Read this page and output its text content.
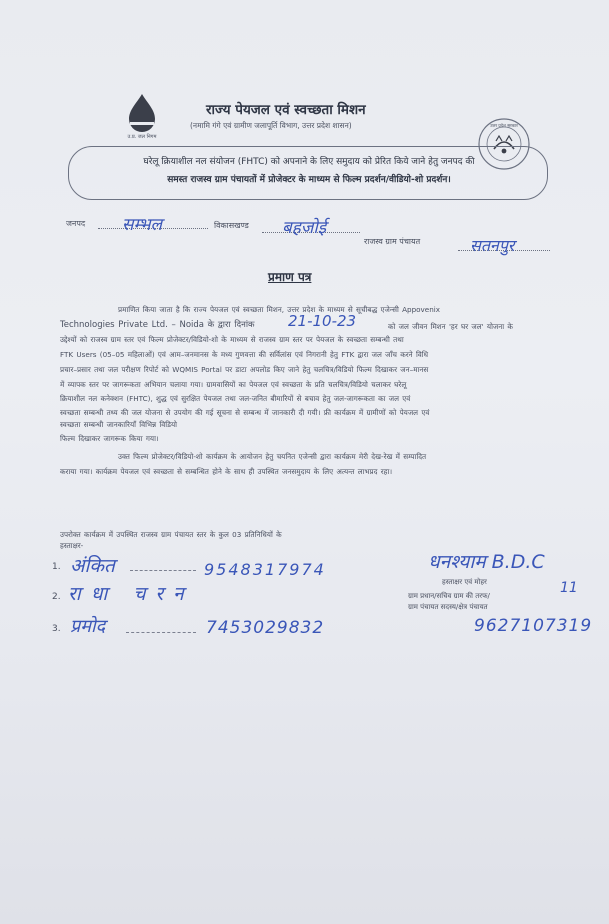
उ.प्र. जल निगम
उत्तर प्रदेश सरकार
राज्य पेयजल एवं स्वच्छता मिशन
(नमामि गंगे एवं ग्रामीण जलापूर्ति विभाग, उत्तर प्रदेश शासन)
घरेलू क्रियाशील नल संयोजन (FHTC) को अपनाने के लिए समुदाय को प्रेरित किये जाने हेतु जनपद की
समस्त राजस्व ग्राम पंचायतों में प्रोजेक्टर के माध्यम से फिल्म प्रदर्शन/वीडियो-शो प्रदर्शन।
जनपद सम्भल	विकासखण्ड बहजोई
राजस्व ग्राम पंचायत	सतनपुर
प्रमाण पत्र
प्रमाणित किया जाता है कि राज्य पेयजल एवं स्वच्छता मिशन, उत्तर प्रदेश के माध्यम से सूचीबद्ध एजेन्सी Appovenix
Technologies Private Ltd. – Noida के द्वारा दिनांक 21-10-23	को जल जीवन मिशन 'हर घर जल' योजना के
उद्देश्यों को राजस्व ग्राम स्तर एवं फिल्म प्रोजेक्टर/विडियो-शो के माध्यम से राजस्व ग्राम स्तर पर पेयजल के स्वच्छता सम्बन्धी तथा
FTK Users (05–05 महिलाओं) एवं आम–जनमानस के मध्य गुणवत्ता की सर्विलांस एवं निगरानी हेतु FTK द्वारा जल जाँच करने विधि
प्रचार–प्रसार तथा जल परीक्षण रिपोर्ट को WQMIS Portal पर डाटा अपलोड किए जाने हेतु चलचित्र/विडियो फिल्म दिखाकर जन–मानस
में व्यापक स्तर पर जागरूकता अभियान चलाया गया। ग्रामवासियों का पेयजल एवं स्वच्छता के प्रति चलचित्र/विडियो चलाकर घरेलू
क्रियाशील नल कनेक्शन (FHTC), शुद्ध एवं सुरक्षित पेयजल तथा जल-जनित बीमारियों से बचाव हेतु जल-जागरूकता का जल एवं
स्वच्छता सम्बन्धी तथ्य की जल योजना से उपयोग की गई सूचना से सम्बन्ध में जानकारी दी गयी। फ्री कार्यक्रम में ग्रामीणों को पेयजल एवं
स्वच्छता सम्बन्धी जानकारियाँ विभिन्न विडियो
फिल्म दिखाकर जागरूक किया गया।
उक्त फिल्म प्रोजेक्टर/विडियो-शो कार्यक्रम के आयोजन हेतु चयनित एजेन्सी द्वारा कार्यक्रम मेरी देख-रेख में सम्पादित
कराया गया। कार्यक्रम पेयजल एवं स्वच्छता से सम्बन्धित होने के साथ ही उपस्थित जनसमुदाय के लिए अत्यन्त लाभप्रद रहा।
उपरोक्त कार्यक्रम में उपस्थित राजस्व ग्राम पंचायत स्तर के कुल 03 प्रतिनिधियों के
हस्ताक्षर-
1. अंकित	9548317974
2. राधा चरन
3. प्रमोद	7453029832
धनश्याम B.D.C
11
हस्ताक्षर एवं मोहर
ग्राम प्रधान/सचिव ग्राम की तरफ/
ग्राम पंचायत सदस्य/क्षेत्र पंचायत
9627107319
